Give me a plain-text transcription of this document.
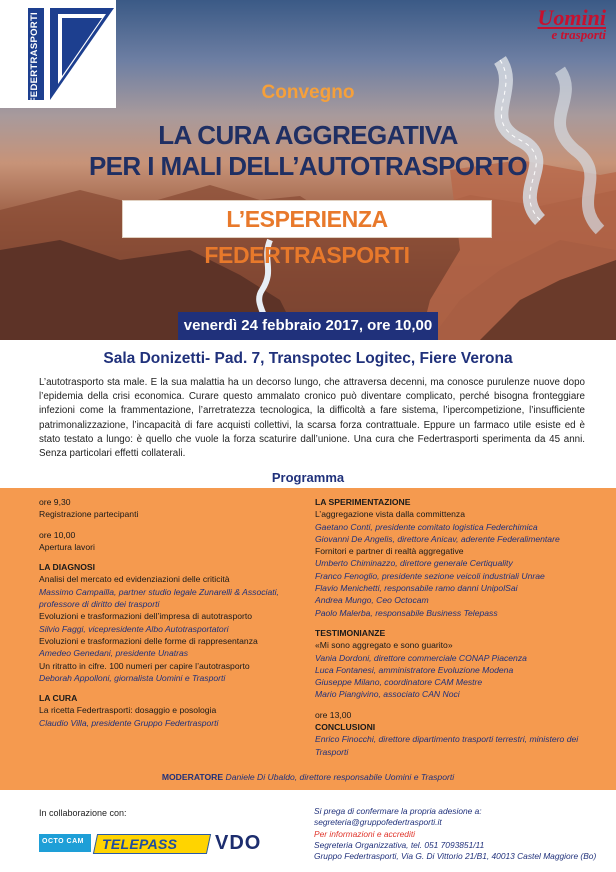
FEDERTRASPORTI	Uomini
e trasporti
Convegno
LA CURA AGGREGATIVA
PER I MALI DELL’AUTOTRASPORTO
L’ESPERIENZA FEDERTRASPORTI
venerdì 24 febbraio 2017, ore 10,00
Sala Donizetti- Pad. 7, Transpotec Logitec, Fiere Verona
L’autotrasporto sta male. E la sua malattia ha un decorso lungo, che attraversa decenni, ma conosce purulenze nuove dopo l’epidemia della crisi economica. Curare questo ammalato cronico può diventare complicato, perché bisogna fronteggiare infezioni come la frammentazione, l’arretratezza tecnologica, la difficoltà a fare sistema, l’ipercompetizione, l’insufficiente patrimonalizzazione, l’incapacità di fare acquisti collettivi, la scarsa forza contrattuale. Eppure un farmaco utile esiste ed è stato testato a lungo: è quello che vuole la forza scaturire dall’unione. Una cura che Federtrasporti sperimenta da 45 anni. Senza particolari effetti collaterali.
Programma
ore 9,30
Registrazione partecipanti
ore 10,00
Apertura lavori
LA DIAGNOSI
Analisi del mercato ed evidenziazioni delle criticità
Massimo Campailla, partner studio legale Zunarelli & Associati,
professore di diritto dei trasporti
Evoluzioni e trasformazioni dell’impresa di autotrasporto
Silvio Faggi, vicepresidente Albo Autotrasportatori
Evoluzioni e trasformazioni delle forme di rappresentanza
Amedeo Genedani, presidente Unatras
Un ritratto in cifre. 100 numeri per capire l’autotrasporto
Deborah Appolloni, giornalista Uomini e Trasporti
LA CURA
La ricetta Federtrasporti: dosaggio e posologia
Claudio Villa, presidente Gruppo Federtrasporti
LA SPERIMENTAZIONE
L’aggregazione vista dalla committenza
Gaetano Conti, presidente comitato logistica Federchimica
Giovanni De Angelis, direttore Anicav, aderente Federalimentare
Fornitori e partner di realtà aggregative
Umberto Chiminazzo, direttore generale Certiquality
Franco Fenoglio, presidente sezione veicoli industriali Unrae
Flavio Menichetti, responsabile ramo danni UnipolSai
Andrea Mungo, Ceo Octocam
Paolo Malerba, responsabile Business Telepass
TESTIMONIANZE
«Mi sono aggregato e sono guarito»
Vania Dordoni, direttore commerciale CONAP Piacenza
Luca Fontanesi, amministratore Evoluzione Modena
Giuseppe Milano, coordinatore CAM Mestre
Mario Piangivino, associato CAN Noci
ore 13,00
CONCLUSIONI
Enrico Finocchi, direttore dipartimento trasporti terrestri, ministero dei Trasporti
MODERATORE Daniele Di Ubaldo, direttore responsabile Uomini e Trasporti
In collaborazione con:
OCTO CAM TELEPASS VDO
Si prega di confermare la propria adesione a: segreteria@gruppofedertrasporti.it
Per informazioni e accrediti
Segreteria Organizzativa, tel. 051 7093851/11
Gruppo Federtrasporti, Via G. Di Vittorio 21/B1, 40013 Castel Maggiore (Bo)
